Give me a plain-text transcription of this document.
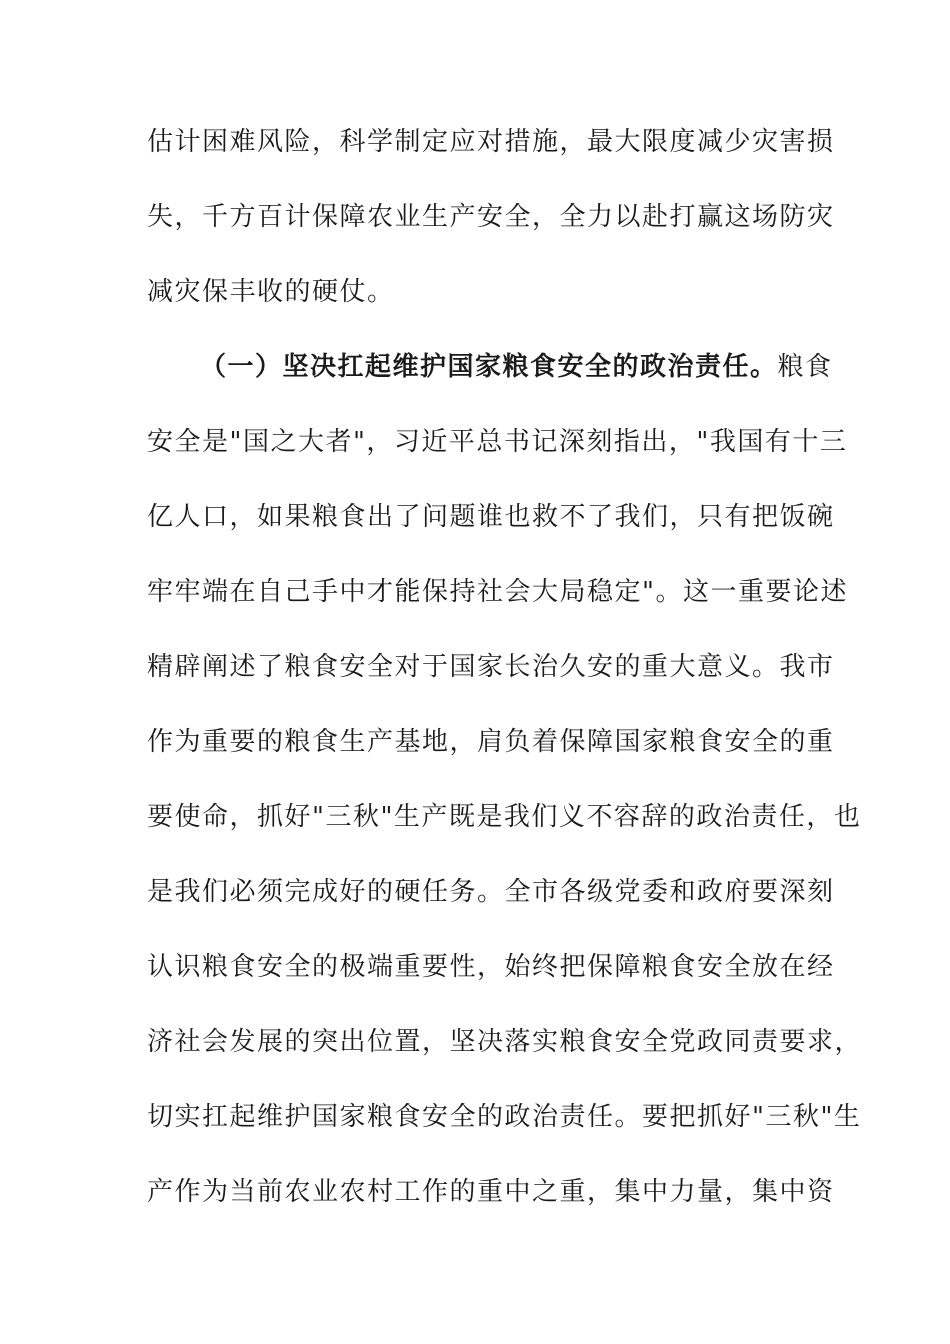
估计困难风险，科学制定应对措施，最大限度减少灾害损
失，千方百计保障农业生产安全，全力以赴打赢这场防灾
减灾保丰收的硬仗。
（一）坚决扛起维护国家粮食安全的政治责任。粮食
安全是"国之大者"，习近平总书记深刻指出，"我国有十三
亿人口，如果粮食出了问题谁也救不了我们，只有把饭碗
牢牢端在自己手中才能保持社会大局稳定"。这一重要论述
精辟阐述了粮食安全对于国家长治久安的重大意义。我市
作为重要的粮食生产基地，肩负着保障国家粮食安全的重
要使命，抓好"三秋"生产既是我们义不容辞的政治责任，也
是我们必须完成好的硬任务。全市各级党委和政府要深刻
认识粮食安全的极端重要性，始终把保障粮食安全放在经
济社会发展的突出位置，坚决落实粮食安全党政同责要求，
切实扛起维护国家粮食安全的政治责任。要把抓好"三秋"生
产作为当前农业农村工作的重中之重，集中力量，集中资
